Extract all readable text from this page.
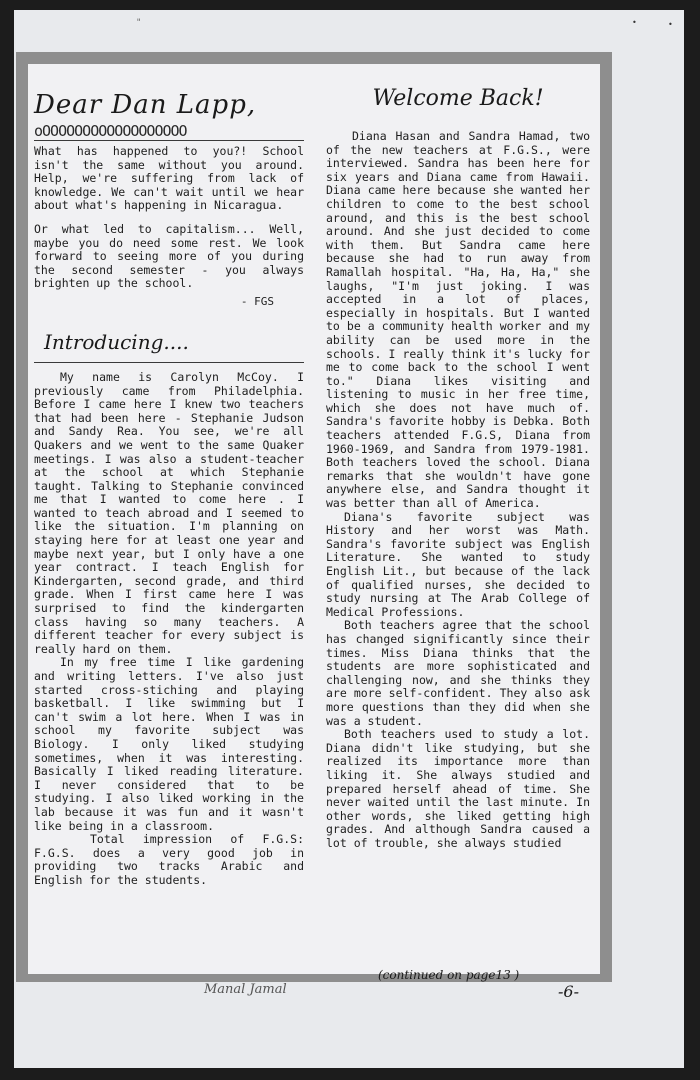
"	•	•
Dear Dan Lapp,
oOOOOOOOOOOOOOOOOOO

What has happened to you?! School isn't the same without you around. Help, we're suffering from lack of knowledge. We can't wait until we hear about what's happening in Nicaragua.

Or what led to capitalism... Well, maybe you do need some rest. We look forward to seeing more of you during the second semester - you always brighten up the school.

- FGS
Introducing....

My name is Carolyn McCoy. I previously came from Philadelphia. Before I came here I knew two teachers that had been here - Stephanie Judson and Sandy Rea. You see, we're all Quakers and we went to the same Quaker meetings. I was also a student-teacher at the school at which Stephanie taught. Talking to Stephanie convinced me that I wanted to come here . I wanted to teach abroad and I seemed to like the situation. I'm planning on staying here for at least one year and maybe next year, but I only have a one year contract. I teach English for Kindergarten, second grade, and third grade. When I first came here I was surprised to find the kindergarten class having so many teachers. A different teacher for every subject is really hard on them.

In my free time I like gardening and writing letters. I've also just started cross-stiching and playing basketball. I like swimming but I can't swim a lot here. When I was in school my favorite subject was Biology. I only liked studying sometimes, when it was interesting. Basically I liked reading literature. I never considered that to be studying. I also liked working in the lab because it was fun and it wasn't like being in a classroom.

Total impression of F.G.S: F.G.S. does a very good job in providing two tracks Arabic and English for the students.

Welcome Back!

Diana Hasan and Sandra Hamad, two of the new teachers at F.G.S., were interviewed. Sandra has been here for six years and Diana came from Hawaii. Diana came here because she wanted her children to come to the best school around, and this is the best school around. And she just decided to come with them. But Sandra came here because she had to run away from Ramallah hospital. "Ha, Ha, Ha," she laughs, "I'm just joking. I was accepted in a lot of places, especially in hospitals. But I wanted to be a community health worker and my ability can be used more in the schools. I really think it's lucky for me to come back to the school I went to." Diana likes visiting and listening to music in her free time, which she does not have much of. Sandra's favorite hobby is Debka. Both teachers attended F.G.S, Diana from 1960-1969, and Sandra from 1979-1981. Both teachers loved the school. Diana remarks that she wouldn't have gone anywhere else, and Sandra thought it was better than all of America.

Diana's favorite subject was History and her worst was Math. Sandra's favorite subject was English Literature. She wanted to study English Lit., but because of the lack of qualified nurses, she decided to study nursing at The Arab College of Medical Professions.

Both teachers agree that the school has changed significantly since their times. Miss Diana thinks that the students are more sophisticated and challenging now, and she thinks they are more self-confident. They also ask more questions than they did when she was a student.

Both teachers used to study a lot. Diana didn't like studying, but she realized its importance more than liking it. She always studied and prepared herself ahead of time. She never waited until the last minute. In other words, she liked getting high grades. And although Sandra caused a lot of trouble, she always studied

(continued on page13 )
Manal Jamal	-6-
